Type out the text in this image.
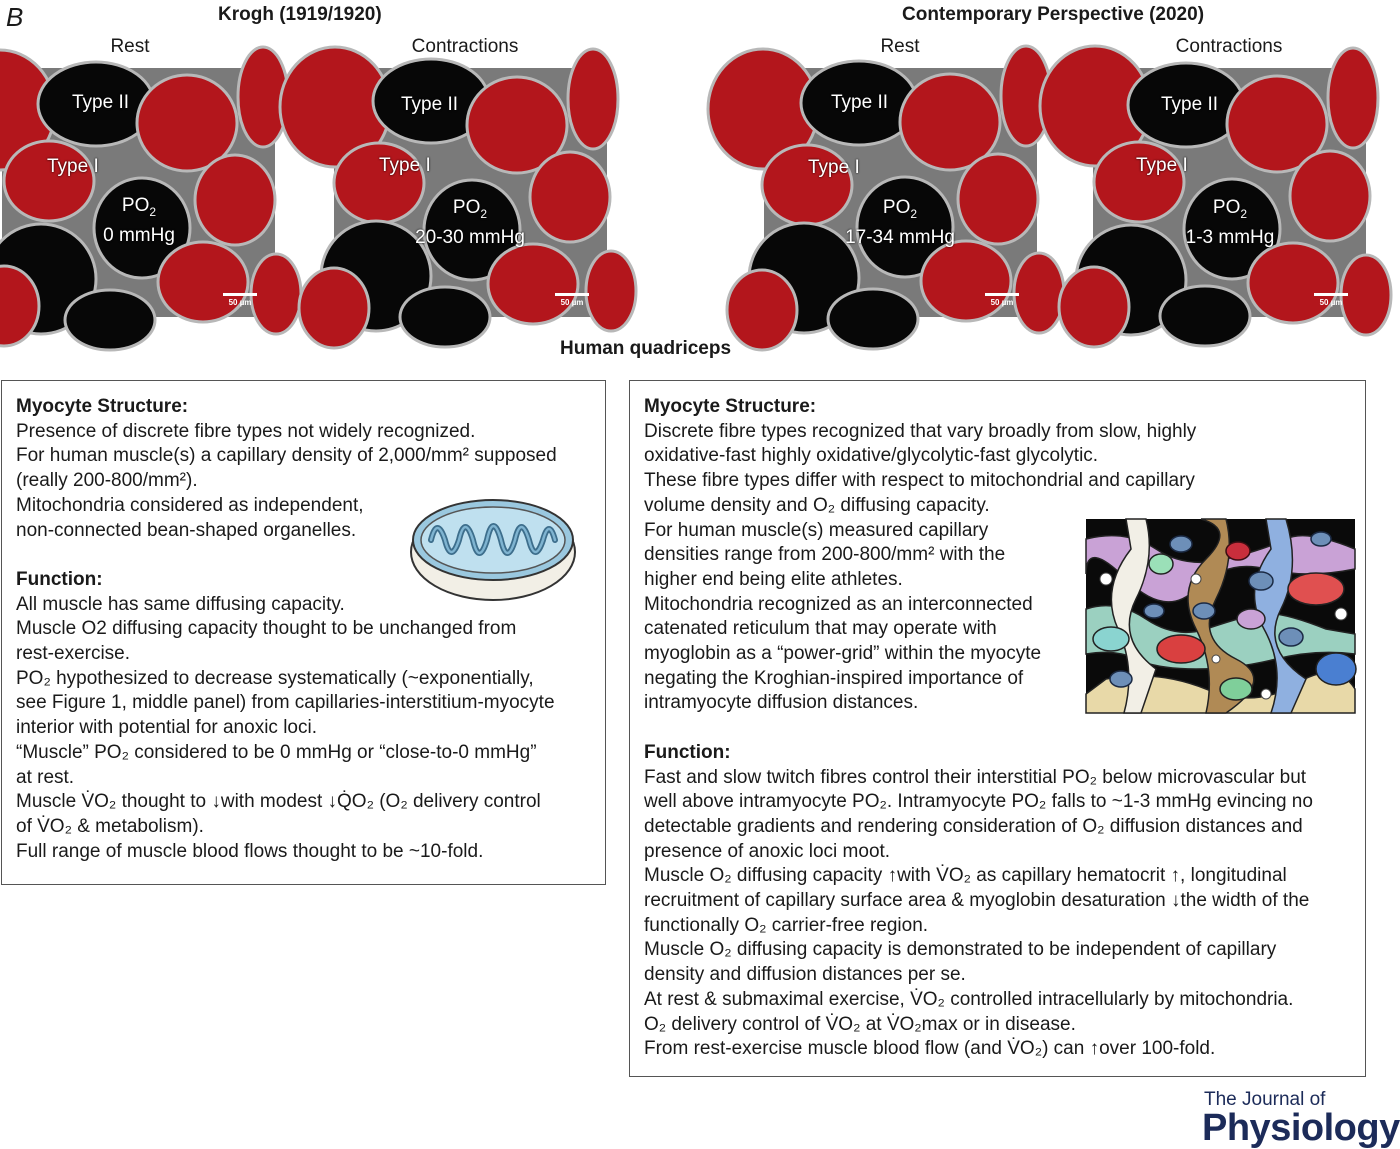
B	Krogh (1919/1920)	Contemporary Perspective (2020)
Rest	Contractions	Rest	Contractions
Type II
Type I
$PO_2$
0 mmHg
50 µm
Type II
Type I
$PO_2$
20-30 mmHg
50 µm
Type II
Type I
$PO_2$
17-34 mmHg
50 µm
Type II
Type I
$PO_2$
1-3 mmHg
50 µm
Human quadriceps
Myocyte Structure:
Presence of discrete fibre types not widely recognized.
For human muscle(s) a capillary density of 2,000/mm² supposed
(really 200-800/mm²).
Mitochondria considered as independent,
non-connected bean-shaped organelles.
Function:
All muscle has same diffusing capacity.
Muscle O2 diffusing capacity thought to be unchanged from
rest-exercise.
PO₂ hypothesized to decrease systematically (~exponentially,
see Figure 1, middle panel) from capillaries-interstitium-myocyte
interior with potential for anoxic loci.
“Muscle” PO₂ considered to be 0 mmHg or “close-to-0 mmHg”
at rest.
Muscle V̇O₂ thought to ↓with modest ↓Q̇O₂ (O₂ delivery control
of V̇O₂ & metabolism).
Full range of muscle blood flows thought to be ~10-fold.
Myocyte Structure:
Discrete fibre types recognized that vary broadly from slow, highly
oxidative-fast highly oxidative/glycolytic-fast glycolytic.
These fibre types differ with respect to mitochondrial and capillary
volume density and O₂ diffusing capacity.
For human muscle(s) measured capillary
densities range from 200-800/mm² with the
higher end being elite athletes.
Mitochondria recognized as an interconnected
catenated reticulum that may operate with
myoglobin as a “power-grid” within the myocyte
negating the Kroghian-inspired importance of
intramyocyte diffusion distances.
Function:
Fast and slow twitch fibres control their interstitial PO₂ below microvascular but
well above intramyocyte PO₂. Intramyocyte PO₂ falls to ~1-3 mmHg evincing no
detectable gradients and rendering consideration of O₂ diffusion distances and
presence of anoxic loci moot.
Muscle O₂ diffusing capacity ↑with V̇O₂ as capillary hematocrit ↑, longitudinal
recruitment of capillary surface area & myoglobin desaturation ↓the width of the
functionally O₂ carrier-free region.
Muscle O₂ diffusing capacity is demonstrated to be independent of capillary
density and diffusion distances per se.
At rest & submaximal exercise, V̇O₂ controlled intracellularly by mitochondria.
O₂ delivery control of V̇O₂ at V̇O₂max or in disease.
From rest-exercise muscle blood flow (and V̇O₂) can ↑over 100-fold.
The Journal of
Physiology
